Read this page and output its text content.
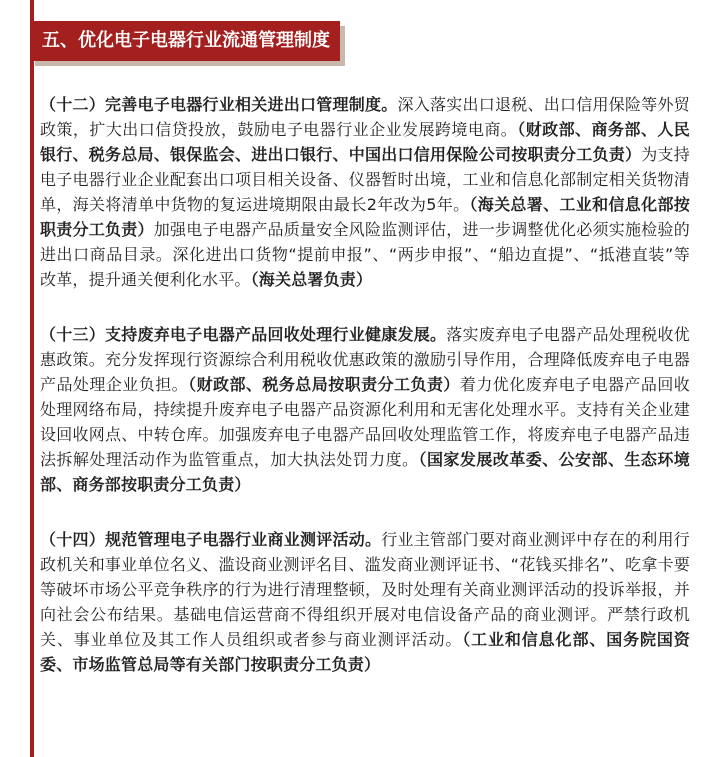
五、优化电子电器行业流通管理制度

（十二）完善电子电器行业相关进出口管理制度。深入落实出口退税、出口信用保险等外贸政策，扩大出口信贷投放，鼓励电子电器行业企业发展跨境电商。（财政部、商务部、人民银行、税务总局、银保监会、进出口银行、中国出口信用保险公司按职责分工负责）为支持电子电器行业企业配套出口项目相关设备、仪器暂时出境，工业和信息化部制定相关货物清单，海关将清单中货物的复运进境期限由最长2年改为5年。（海关总署、工业和信息化部按职责分工负责）加强电子电器产品质量安全风险监测评估，进一步调整优化必须实施检验的进出口商品目录。深化进出口货物“提前申报”、“两步申报”、“船边直提”、“抵港直装”等改革，提升通关便利化水平。（海关总署负责）

（十三）支持废弃电子电器产品回收处理行业健康发展。落实废弃电子电器产品处理税收优惠政策。充分发挥现行资源综合利用税收优惠政策的激励引导作用，合理降低废弃电子电器产品处理企业负担。（财政部、税务总局按职责分工负责）着力优化废弃电子电器产品回收处理网络布局，持续提升废弃电子电器产品资源化利用和无害化处理水平。支持有关企业建设回收网点、中转仓库。加强废弃电子电器产品回收处理监管工作，将废弃电子电器产品违法拆解处理活动作为监管重点，加大执法处罚力度。（国家发展改革委、公安部、生态环境部、商务部按职责分工负责）

（十四）规范管理电子电器行业商业测评活动。行业主管部门要对商业测评中存在的利用行政机关和事业单位名义、滥设商业测评名目、滥发商业测评证书、“花钱买排名”、吃拿卡要等破坏市场公平竞争秩序的行为进行清理整顿，及时处理有关商业测评活动的投诉举报，并向社会公布结果。基础电信运营商不得组织开展对电信设备产品的商业测评。严禁行政机关、事业单位及其工作人员组织或者参与商业测评活动。（工业和信息化部、国务院国资委、市场监管总局等有关部门按职责分工负责）
